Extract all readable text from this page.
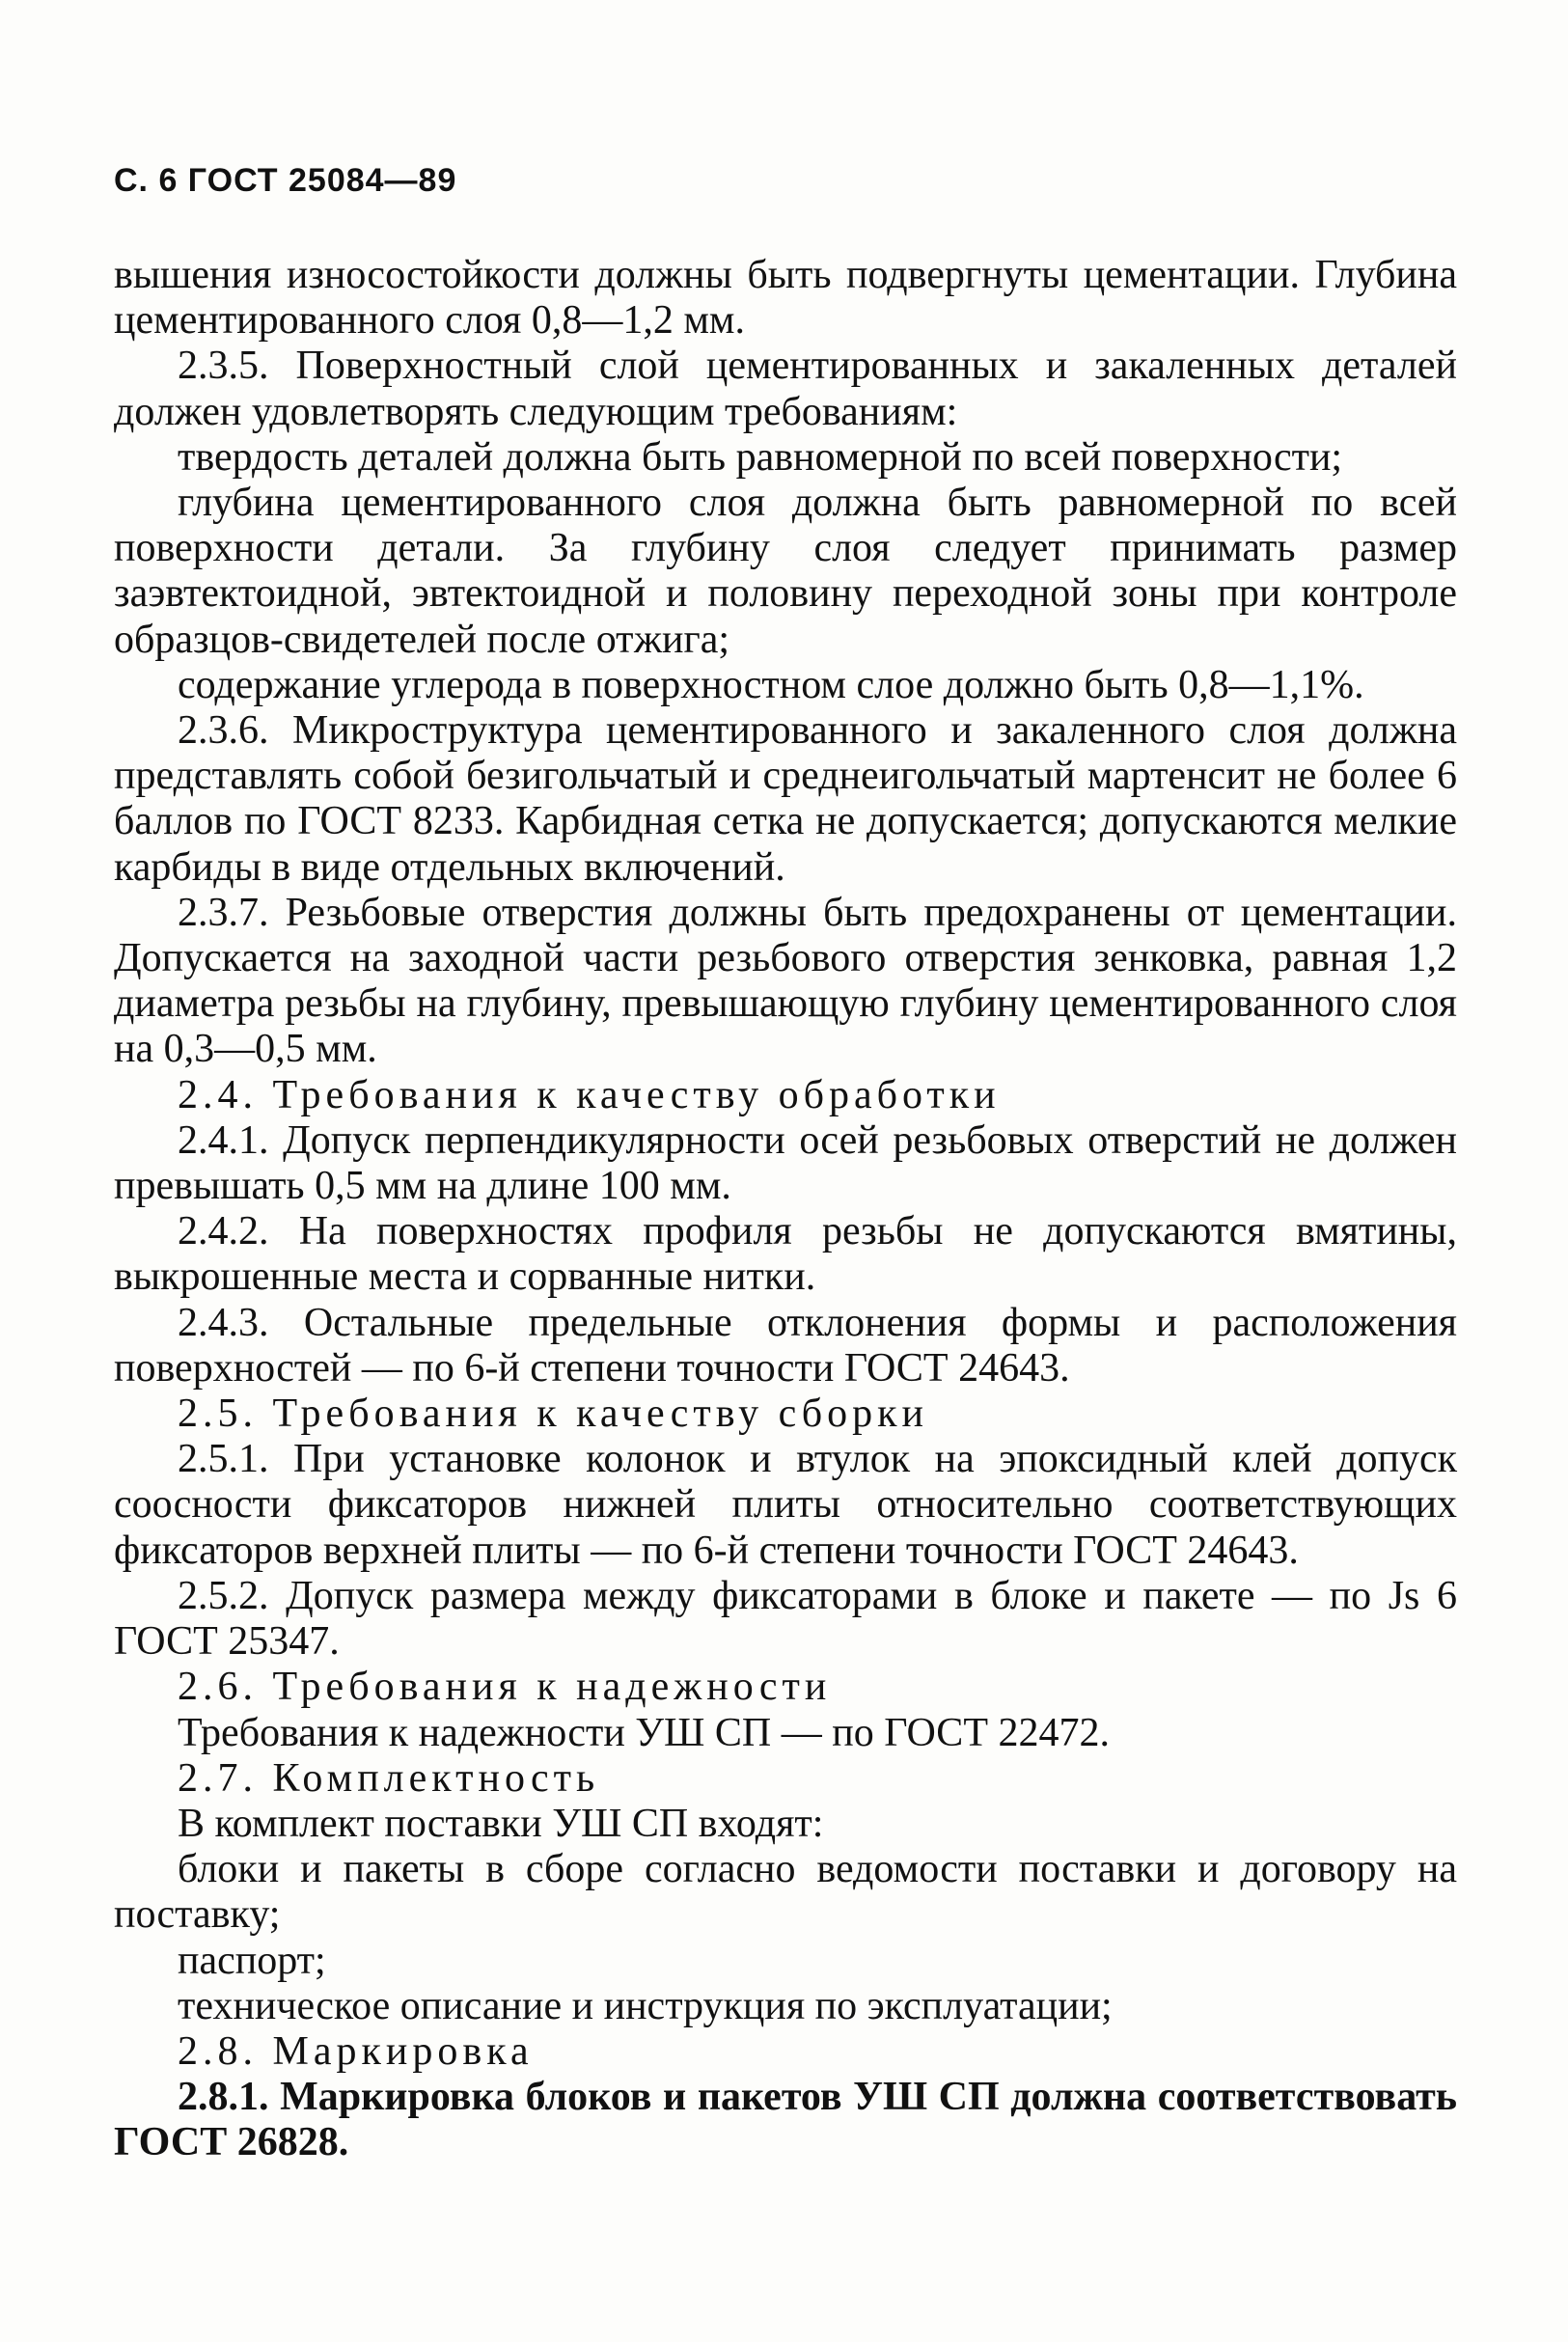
С. 6 ГОСТ 25084—89

вышения износостойкости должны быть подвергнуты цементации. Глубина цементированного слоя 0,8—1,2 мм.

2.3.5. Поверхностный слой цементированных и закаленных деталей должен удовлетворять следующим требованиям:

твердость деталей должна быть равномерной по всей поверхности;

глубина цементированного слоя должна быть равномерной по всей поверхности детали. За глубину слоя следует принимать размер заэвтектоидной, эвтектоидной и половину переходной зоны при контроле образцов-свидетелей после отжига;

содержание углерода в поверхностном слое должно быть 0,8—1,1%.

2.3.6. Микроструктура цементированного и закаленного слоя должна представлять собой безигольчатый и среднеигольчатый мартенсит не более 6 баллов по ГОСТ 8233. Карбидная сетка не допускается; допускаются мелкие карбиды в виде отдельных включений.

2.3.7. Резьбовые отверстия должны быть предохранены от цементации. Допускается на заходной части резьбового отверстия зенковка, равная 1,2 диаметра резьбы на глубину, превышающую глубину цементированного слоя на 0,3—0,5 мм.

2.4. Требования к качеству обработки

2.4.1. Допуск перпендикулярности осей резьбовых отверстий не должен превышать 0,5 мм на длине 100 мм.

2.4.2. На поверхностях профиля резьбы не допускаются вмятины, выкрошенные места и сорванные нитки.

2.4.3. Остальные предельные отклонения формы и расположения поверхностей — по 6-й степени точности ГОСТ 24643.

2.5. Требования к качеству сборки

2.5.1. При установке колонок и втулок на эпоксидный клей допуск соосности фиксаторов нижней плиты относительно соответствующих фиксаторов верхней плиты — по 6-й степени точности ГОСТ 24643.

2.5.2. Допуск размера между фиксаторами в блоке и пакете — по Js 6 ГОСТ 25347.

2.6. Требования к надежности

Требования к надежности УШ СП — по ГОСТ 22472.

2.7. Комплектность

В комплект поставки УШ СП входят:

блоки и пакеты в сборе согласно ведомости поставки и договору на поставку;

паспорт;

техническое описание и инструкция по эксплуатации;

2.8. Маркировка

2.8.1. Маркировка блоков и пакетов УШ СП должна соответствовать ГОСТ 26828.
